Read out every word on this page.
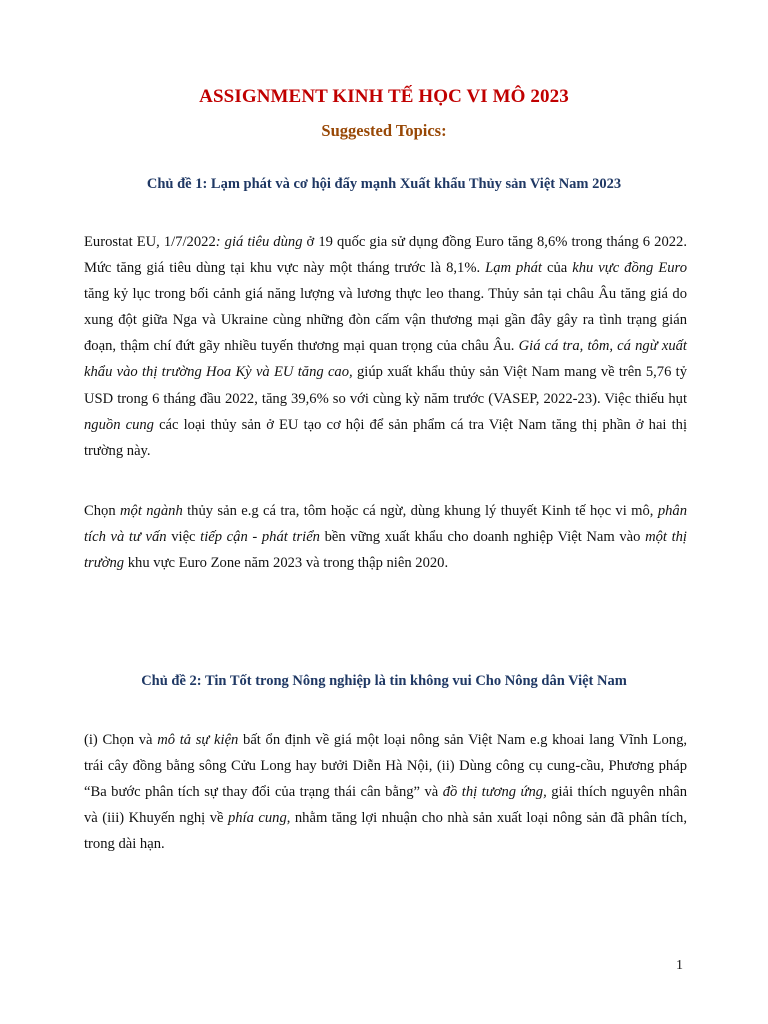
ASSIGNMENT KINH TẾ HỌC VI MÔ 2023
Suggested Topics:
Chủ đề 1: Lạm phát và cơ hội đẩy mạnh Xuất khẩu Thủy sản Việt Nam 2023

Eurostat EU, 1/7/2022: giá tiêu dùng ở 19 quốc gia sử dụng đồng Euro tăng 8,6% trong tháng 6 2022. Mức tăng giá tiêu dùng tại khu vực này một tháng trước là 8,1%. Lạm phát của khu vực đồng Euro tăng kỷ lục trong bối cảnh giá năng lượng và lương thực leo thang. Thủy sản tại châu Âu tăng giá do xung đột giữa Nga và Ukraine cùng những đòn cấm vận thương mại gần đây gây ra tình trạng gián đoạn, thậm chí đứt gãy nhiều tuyến thương mại quan trọng của châu Âu. Giá cá tra, tôm, cá ngừ xuất khẩu vào thị trường Hoa Kỳ và EU tăng cao, giúp xuất khẩu thủy sản Việt Nam mang về trên 5,76 tỷ USD trong 6 tháng đầu 2022, tăng 39,6% so với cùng kỳ năm trước (VASEP, 2022-23). Việc thiếu hụt nguồn cung các loại thủy sản ở EU tạo cơ hội để sản phẩm cá tra Việt Nam tăng thị phần ở hai thị trường này.

Chọn một ngành thủy sản e.g cá tra, tôm hoặc cá ngừ, dùng khung lý thuyết Kinh tế học vi mô, phân tích và tư vấn việc tiếp cận - phát triển bền vững xuất khẩu cho doanh nghiệp Việt Nam vào một thị trường khu vực Euro Zone năm 2023 và trong thập niên 2020.

Chủ đề 2: Tin Tốt trong Nông nghiệp là tin không vui Cho Nông dân Việt Nam

(i) Chọn và mô tả sự kiện bất ổn định về giá một loại nông sản Việt Nam e.g khoai lang Vĩnh Long, trái cây đồng bằng sông Cửu Long hay bưởi Diễn Hà Nội, (ii) Dùng công cụ cung-cầu, Phương pháp “Ba bước phân tích sự thay đổi của trạng thái cân bằng” và đồ thị tương ứng, giải thích nguyên nhân và (iii) Khuyến nghị về phía cung, nhằm tăng lợi nhuận cho nhà sản xuất loại nông sản đã phân tích, trong dài hạn.

1
